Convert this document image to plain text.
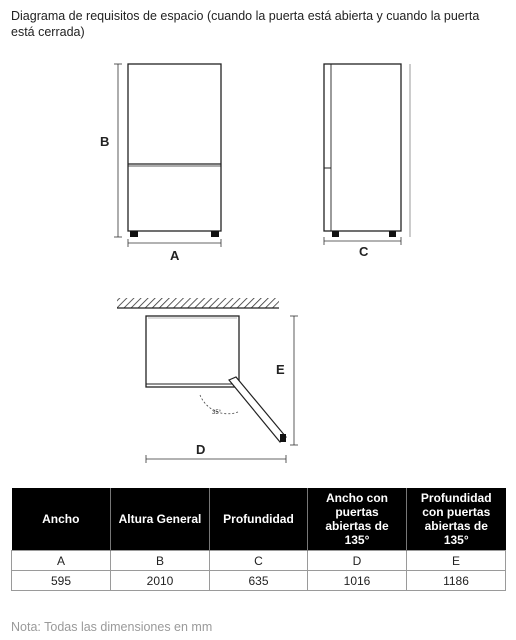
Diagrama de requisitos de espacio (cuando la puerta está abierta y cuando la puerta está cerrada)
B
A	C
35°
E
D
Ancho	Altura General	Profundidad	Ancho con puertas abiertas de 135°	Profundidad con puertas abiertas de 135°
A	B	C	D	E
595	2010	635	1016	1186
Nota: Todas las dimensiones en mm
